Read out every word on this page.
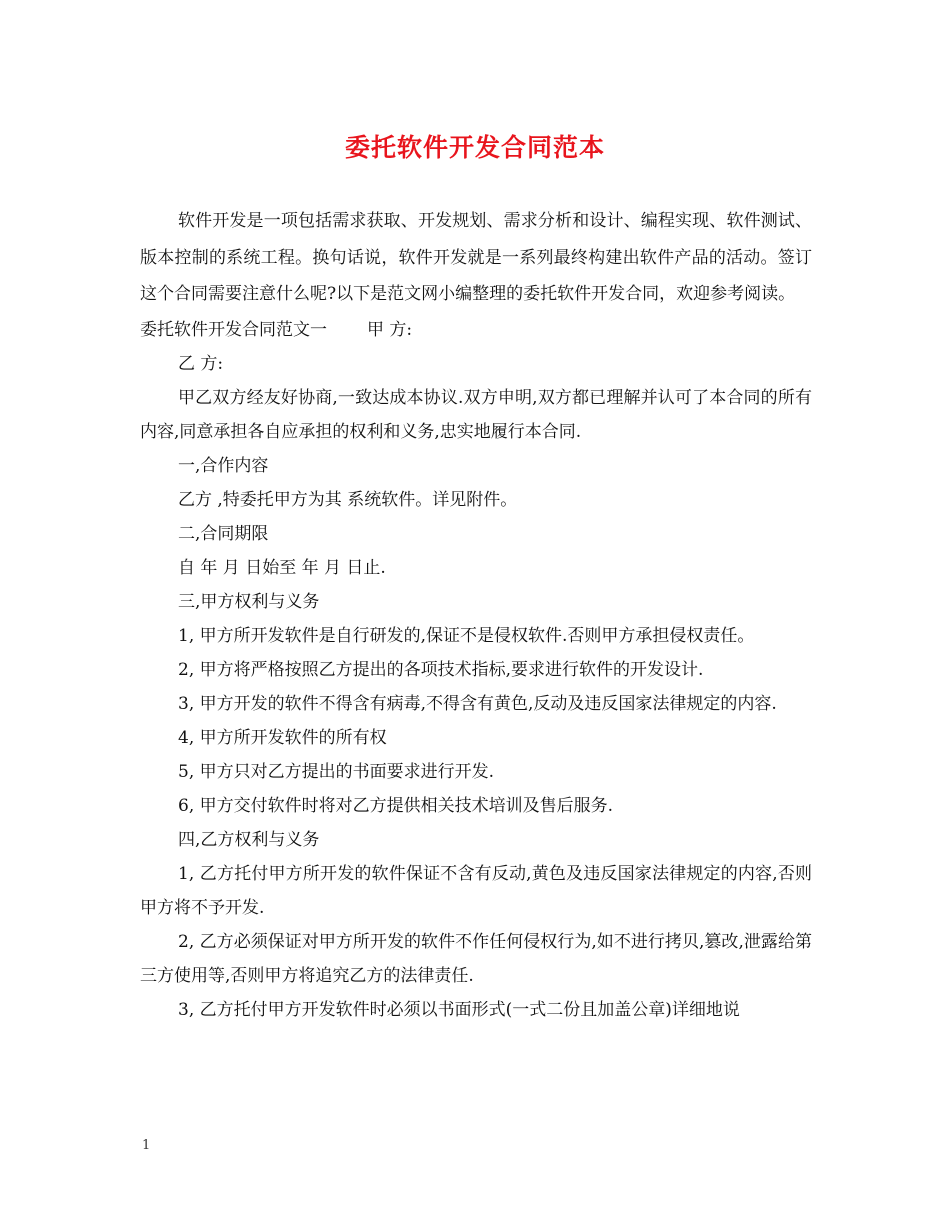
委托软件开发合同范本

软件开发是一项包括需求获取、开发规划、需求分析和设计、编程实现、软件测试、版本控制的系统工程。换句话说，软件开发就是一系列最终构建出软件产品的活动。签订这个合同需要注意什么呢?以下是范文网小编整理的委托软件开发合同，欢迎参考阅读。

委托软件开发合同范文一 甲 方:

乙 方:

甲乙双方经友好协商,一致达成本协议.双方申明,双方都已理解并认可了本合同的所有内容,同意承担各自应承担的权利和义务,忠实地履行本合同.

一,合作内容

乙方 ,特委托甲方为其 系统软件。详见附件。

二,合同期限

自 年 月 日始至 年 月 日止.

三,甲方权利与义务

1, 甲方所开发软件是自行研发的,保证不是侵权软件.否则甲方承担侵权责任。

2, 甲方将严格按照乙方提出的各项技术指标,要求进行软件的开发设计.

3, 甲方开发的软件不得含有病毒,不得含有黄色,反动及违反国家法律规定的内容.

4, 甲方所开发软件的所有权

5, 甲方只对乙方提出的书面要求进行开发.

6, 甲方交付软件时将对乙方提供相关技术培训及售后服务.

四,乙方权利与义务

1, 乙方托付甲方所开发的软件保证不含有反动,黄色及违反国家法律规定的内容,否则甲方将不予开发.

2, 乙方必须保证对甲方所开发的软件不作任何侵权行为,如不进行拷贝,篡改,泄露给第三方使用等,否则甲方将追究乙方的法律责任.

3, 乙方托付甲方开发软件时必须以书面形式(一式二份且加盖公章)详细地说

1
